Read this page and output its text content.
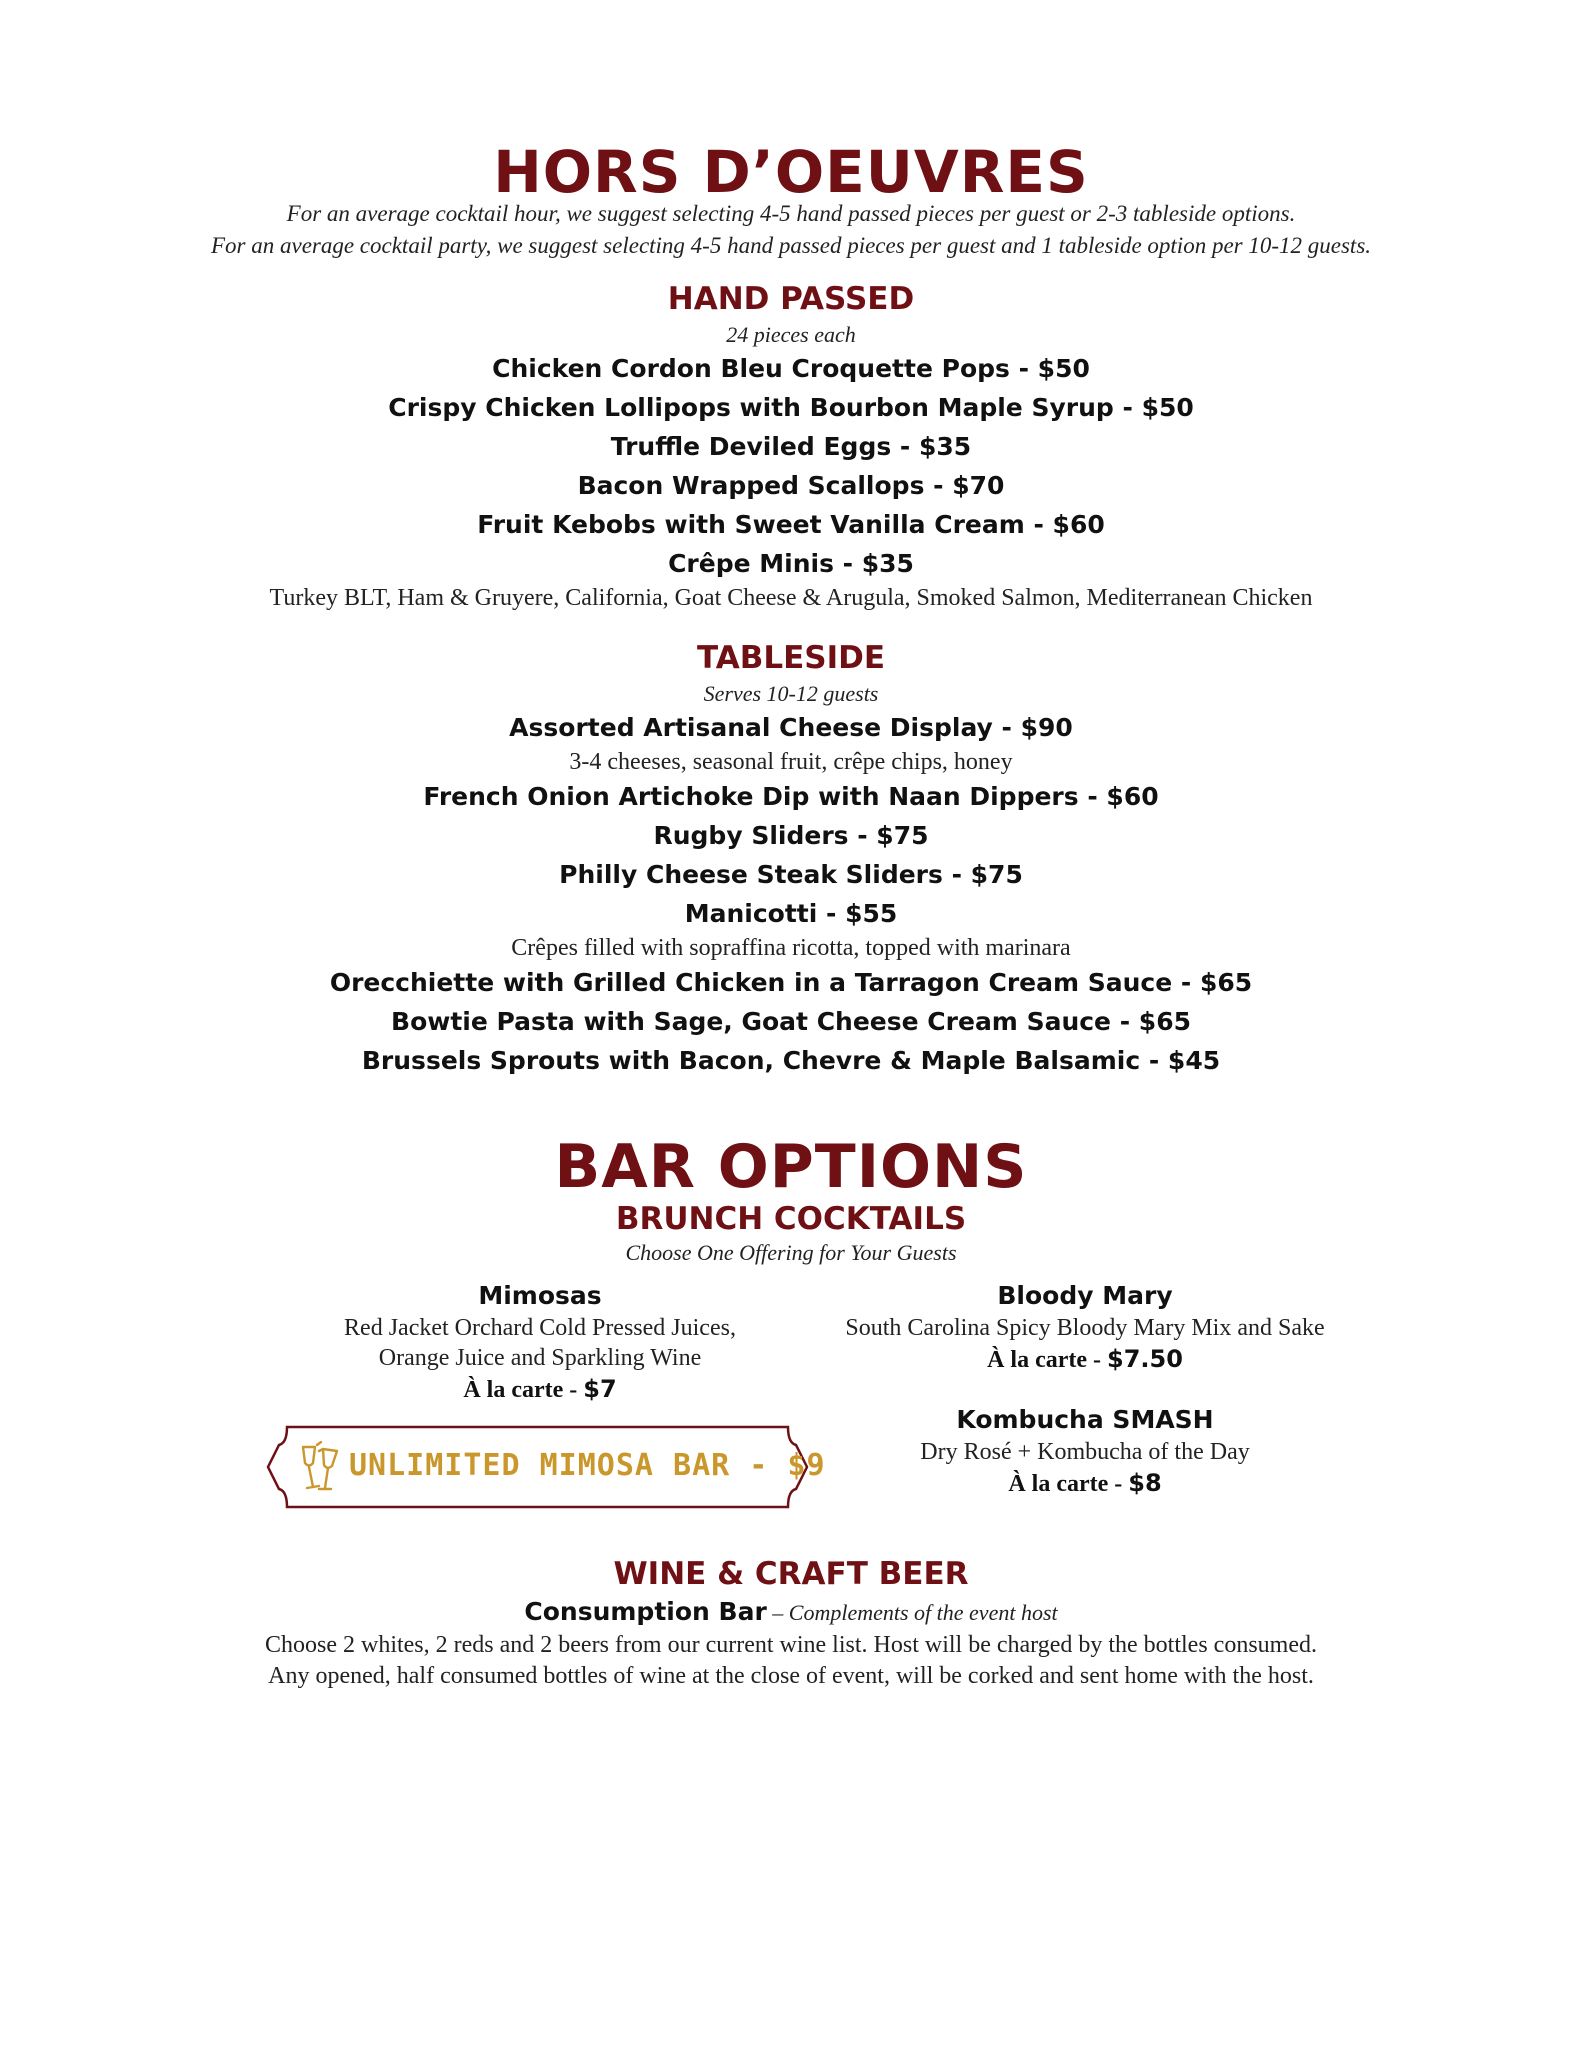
HORS D’OEUVRES

For an average cocktail hour, we suggest selecting 4-5 hand passed pieces per guest or 2-3 tableside options.

For an average cocktail party, we suggest selecting 4-5 hand passed pieces per guest and 1 tableside option per 10-12 guests.

HAND PASSED

24 pieces each

Chicken Cordon Bleu Croquette Pops - $50

Crispy Chicken Lollipops with Bourbon Maple Syrup - $50

Truffle Deviled Eggs - $35

Bacon Wrapped Scallops - $70

Fruit Kebobs with Sweet Vanilla Cream - $60

Crêpe Minis - $35

Turkey BLT, Ham & Gruyere, California, Goat Cheese & Arugula, Smoked Salmon, Mediterranean Chicken

TABLESIDE

Serves 10-12 guests

Assorted Artisanal Cheese Display - $90

3-4 cheeses, seasonal fruit, crêpe chips, honey

French Onion Artichoke Dip with Naan Dippers - $60

Rugby Sliders - $75

Philly Cheese Steak Sliders - $75

Manicotti - $55

Crêpes filled with sopraffina ricotta, topped with marinara

Orecchiette with Grilled Chicken in a Tarragon Cream Sauce - $65

Bowtie Pasta with Sage, Goat Cheese Cream Sauce - $65

Brussels Sprouts with Bacon, Chevre & Maple Balsamic - $45

BAR OPTIONS
BRUNCH COCKTAILS

Choose One Offering for Your Guests

Mimosas

Red Jacket Orchard Cold Pressed Juices,

Orange Juice and Sparkling Wine

À la carte - $7

Bloody Mary

South Carolina Spicy Bloody Mary Mix and Sake

À la carte - $7.50

Kombucha SMASH

Dry Rosé + Kombucha of the Day

À la carte - $8

UNLIMITED MIMOSA BAR - $9
WINE & CRAFT BEER

Consumption Bar – Complements of the event host

Choose 2 whites, 2 reds and 2 beers from our current wine list. Host will be charged by the bottles consumed.

Any opened, half consumed bottles of wine at the close of event, will be corked and sent home with the host.
